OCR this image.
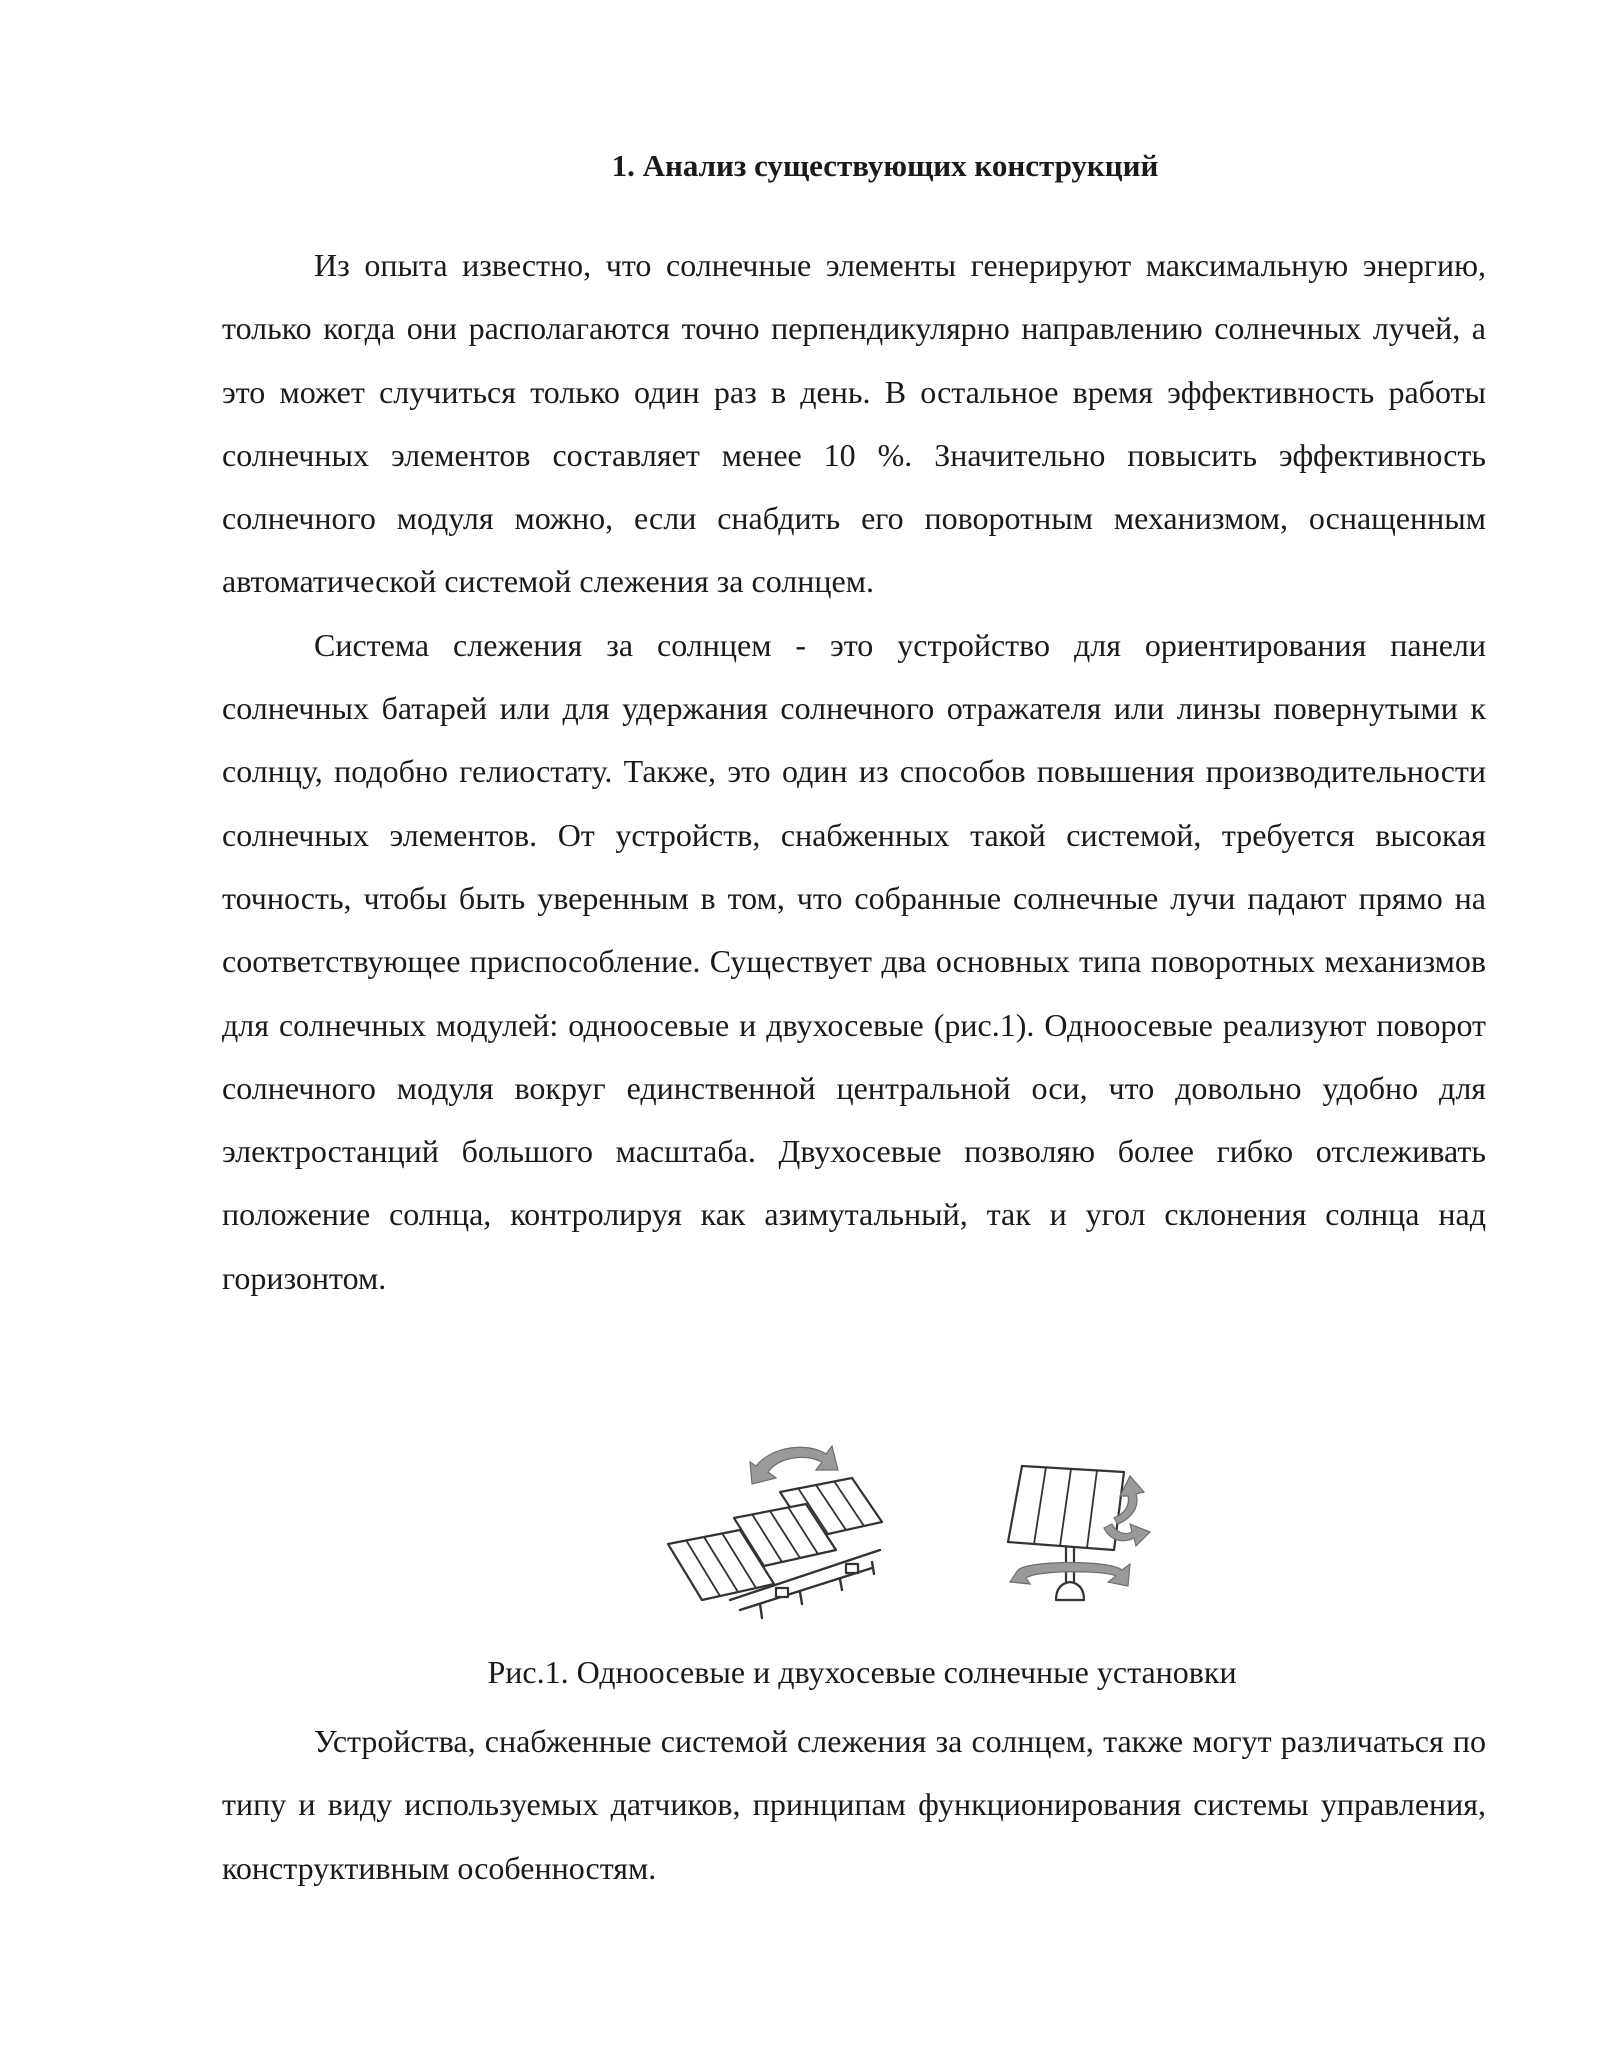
1. Анализ существующих конструкций

Из опыта известно, что солнечные элементы генерируют максимальную энергию, только когда они располагаются точно перпендикулярно направлению солнечных лучей, а это может случиться только один раз в день. В остальное время эффективность работы солнечных элементов составляет менее 10 %. Значительно повысить эффективность солнечного модуля можно, если снабдить его поворотным механизмом, оснащенным автоматической системой слежения за солнцем.

Система слежения за солнцем - это устройство для ориентирования панели солнечных батарей или для удержания солнечного отражателя или линзы повернутыми к солнцу, подобно гелиостату. Также, это один из способов повышения производительности солнечных элементов. От устройств, снабженных такой системой, требуется высокая точность, чтобы быть уверенным в том, что собранные солнечные лучи падают прямо на соответствующее приспособление. Существует два основных типа поворотных механизмов для солнечных модулей: одноосевые и двухосевые (рис.1). Одноосевые реализуют поворот солнечного модуля вокруг единственной центральной оси, что довольно удобно для электростанций большого масштаба. Двухосевые позволяю более гибко отслеживать положение солнца, контролируя как азимутальный, так и угол склонения солнца над горизонтом.

Рис.1. Одноосевые и двухосевые солнечные установки

Устройства, снабженные системой слежения за солнцем, также могут различаться по типу и виду используемых датчиков, принципам функционирования системы управления, конструктивным особенностям.
